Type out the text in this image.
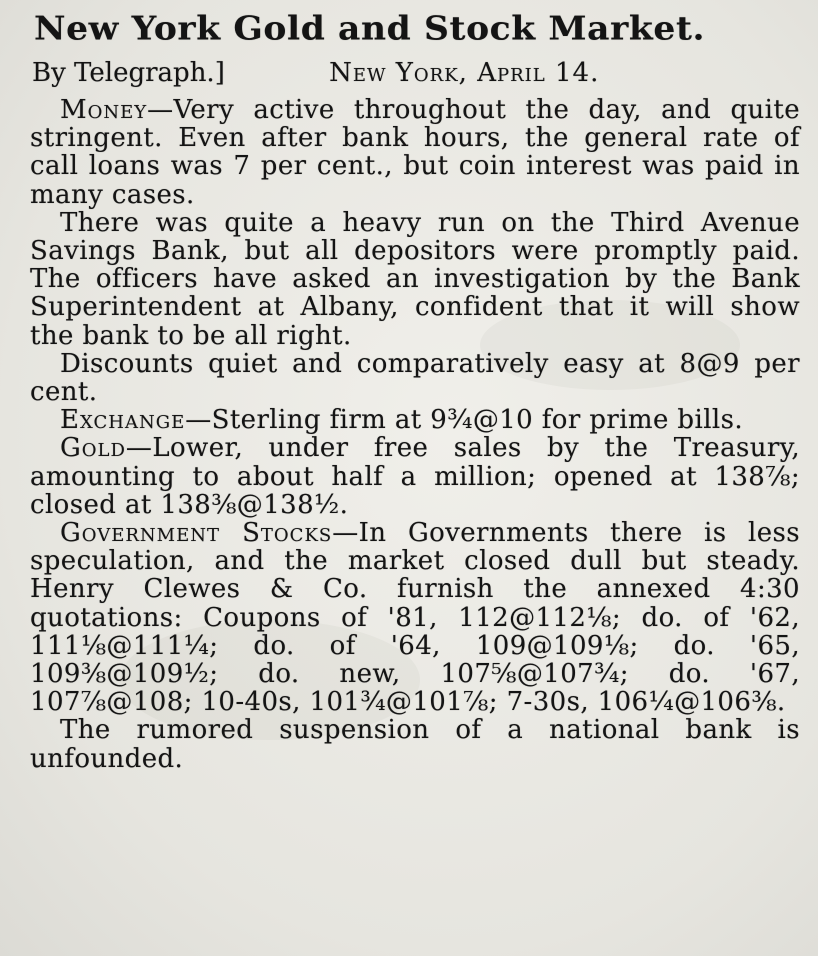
New York Gold and Stock Market.
By Telegraph.]	New York, April 14.

Money—Very active throughout the day, and quite stringent. Even after bank hours, the general rate of call loans was 7 per cent., but coin interest was paid in many cases.

There was quite a heavy run on the Third Avenue Savings Bank, but all depositors were promptly paid. The officers have asked an investigation by the Bank Superintendent at Albany, confident that it will show the bank to be all right.

Discounts quiet and comparatively easy at 8@9 per cent.

Exchange—Sterling firm at 9¾@10 for prime bills.

Gold—Lower, under free sales by the Treasury, amounting to about half a million; opened at 138⅞; closed at 138⅜@138½.

Government Stocks—In Governments there is less speculation, and the market closed dull but steady. Henry Clewes & Co. furnish the annexed 4:30 quotations: Coupons of '81, 112@112⅛; do. of '62, 111⅛@111¼; do. of '64, 109@109⅛; do. '65, 109⅜@109½; do. new, 107⅝@107¾; do. '67, 107⅞@108; 10-40s, 101¾@101⅞; 7-30s, 106¼@106⅜.

The rumored suspension of a national bank is unfounded.
